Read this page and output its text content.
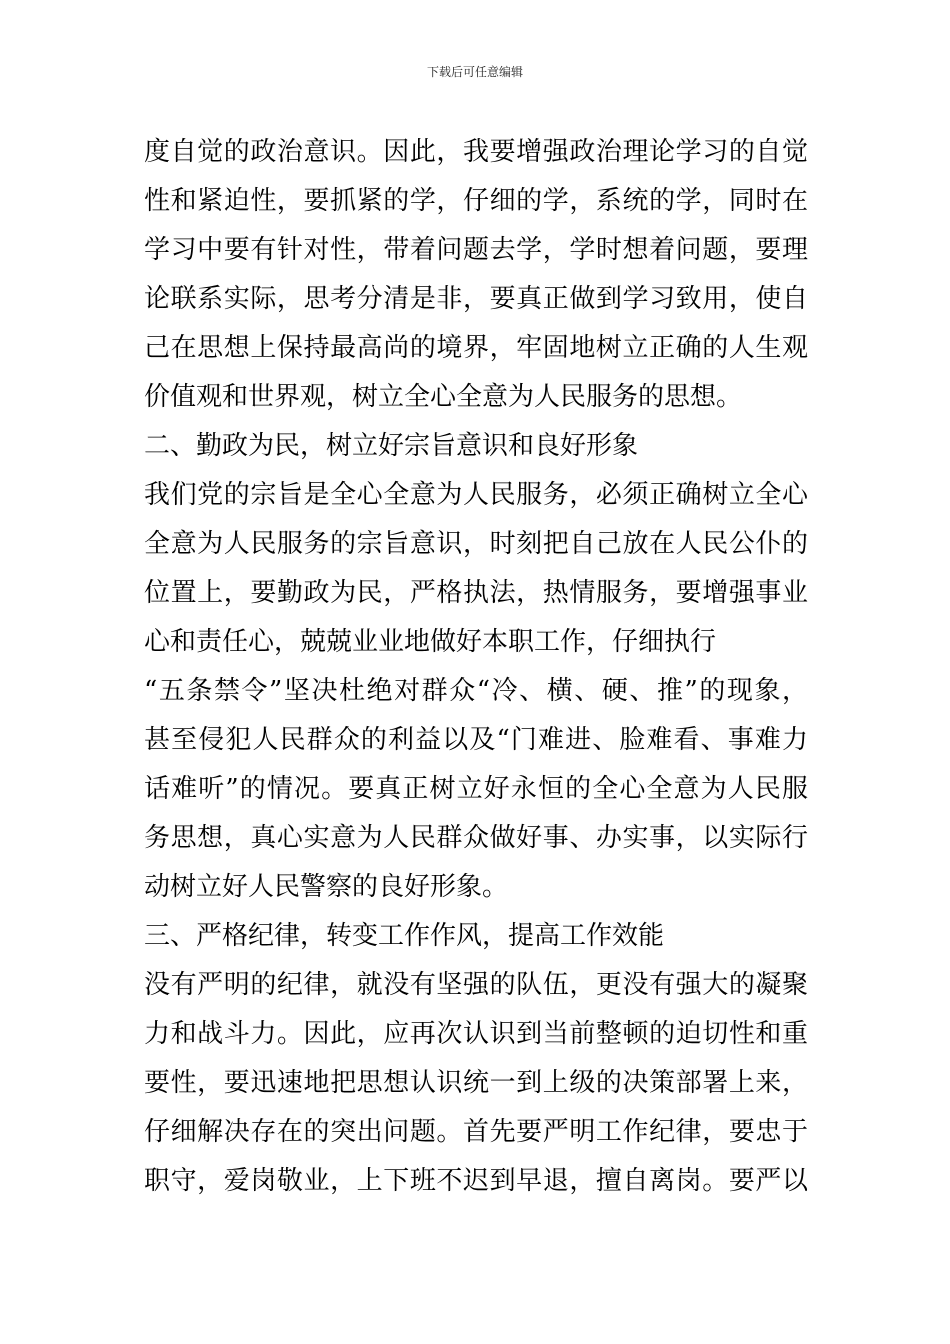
下载后可任意编辑
度自觉的政治意识。因此，我要增强政治理论学习的自觉
性和紧迫性，要抓紧的学，仔细的学，系统的学，同时在
学习中要有针对性，带着问题去学，学时想着问题，要理
论联系实际，思考分清是非，要真正做到学习致用，使自
己在思想上保持最高尚的境界，牢固地树立正确的人生观
价值观和世界观，树立全心全意为人民服务的思想。
二、勤政为民，树立好宗旨意识和良好形象
我们党的宗旨是全心全意为人民服务，必须正确树立全心
全意为人民服务的宗旨意识，时刻把自己放在人民公仆的
位置上，要勤政为民，严格执法，热情服务，要增强事业
心和责任心，兢兢业业地做好本职工作，仔细执行
“五条禁令”坚决杜绝对群众“冷、横、硬、推”的现象，
甚至侵犯人民群众的利益以及“门难进、脸难看、事难力
话难听”的情况。要真正树立好永恒的全心全意为人民服
务思想，真心实意为人民群众做好事、办实事，以实际行
动树立好人民警察的良好形象。
三、严格纪律，转变工作作风，提高工作效能
没有严明的纪律，就没有坚强的队伍，更没有强大的凝聚
力和战斗力。因此，应再次认识到当前整顿的迫切性和重
要性，要迅速地把思想认识统一到上级的决策部署上来，
仔细解决存在的突出问题。首先要严明工作纪律，要忠于
职守，爱岗敬业，上下班不迟到早退，擅自离岗。要严以
